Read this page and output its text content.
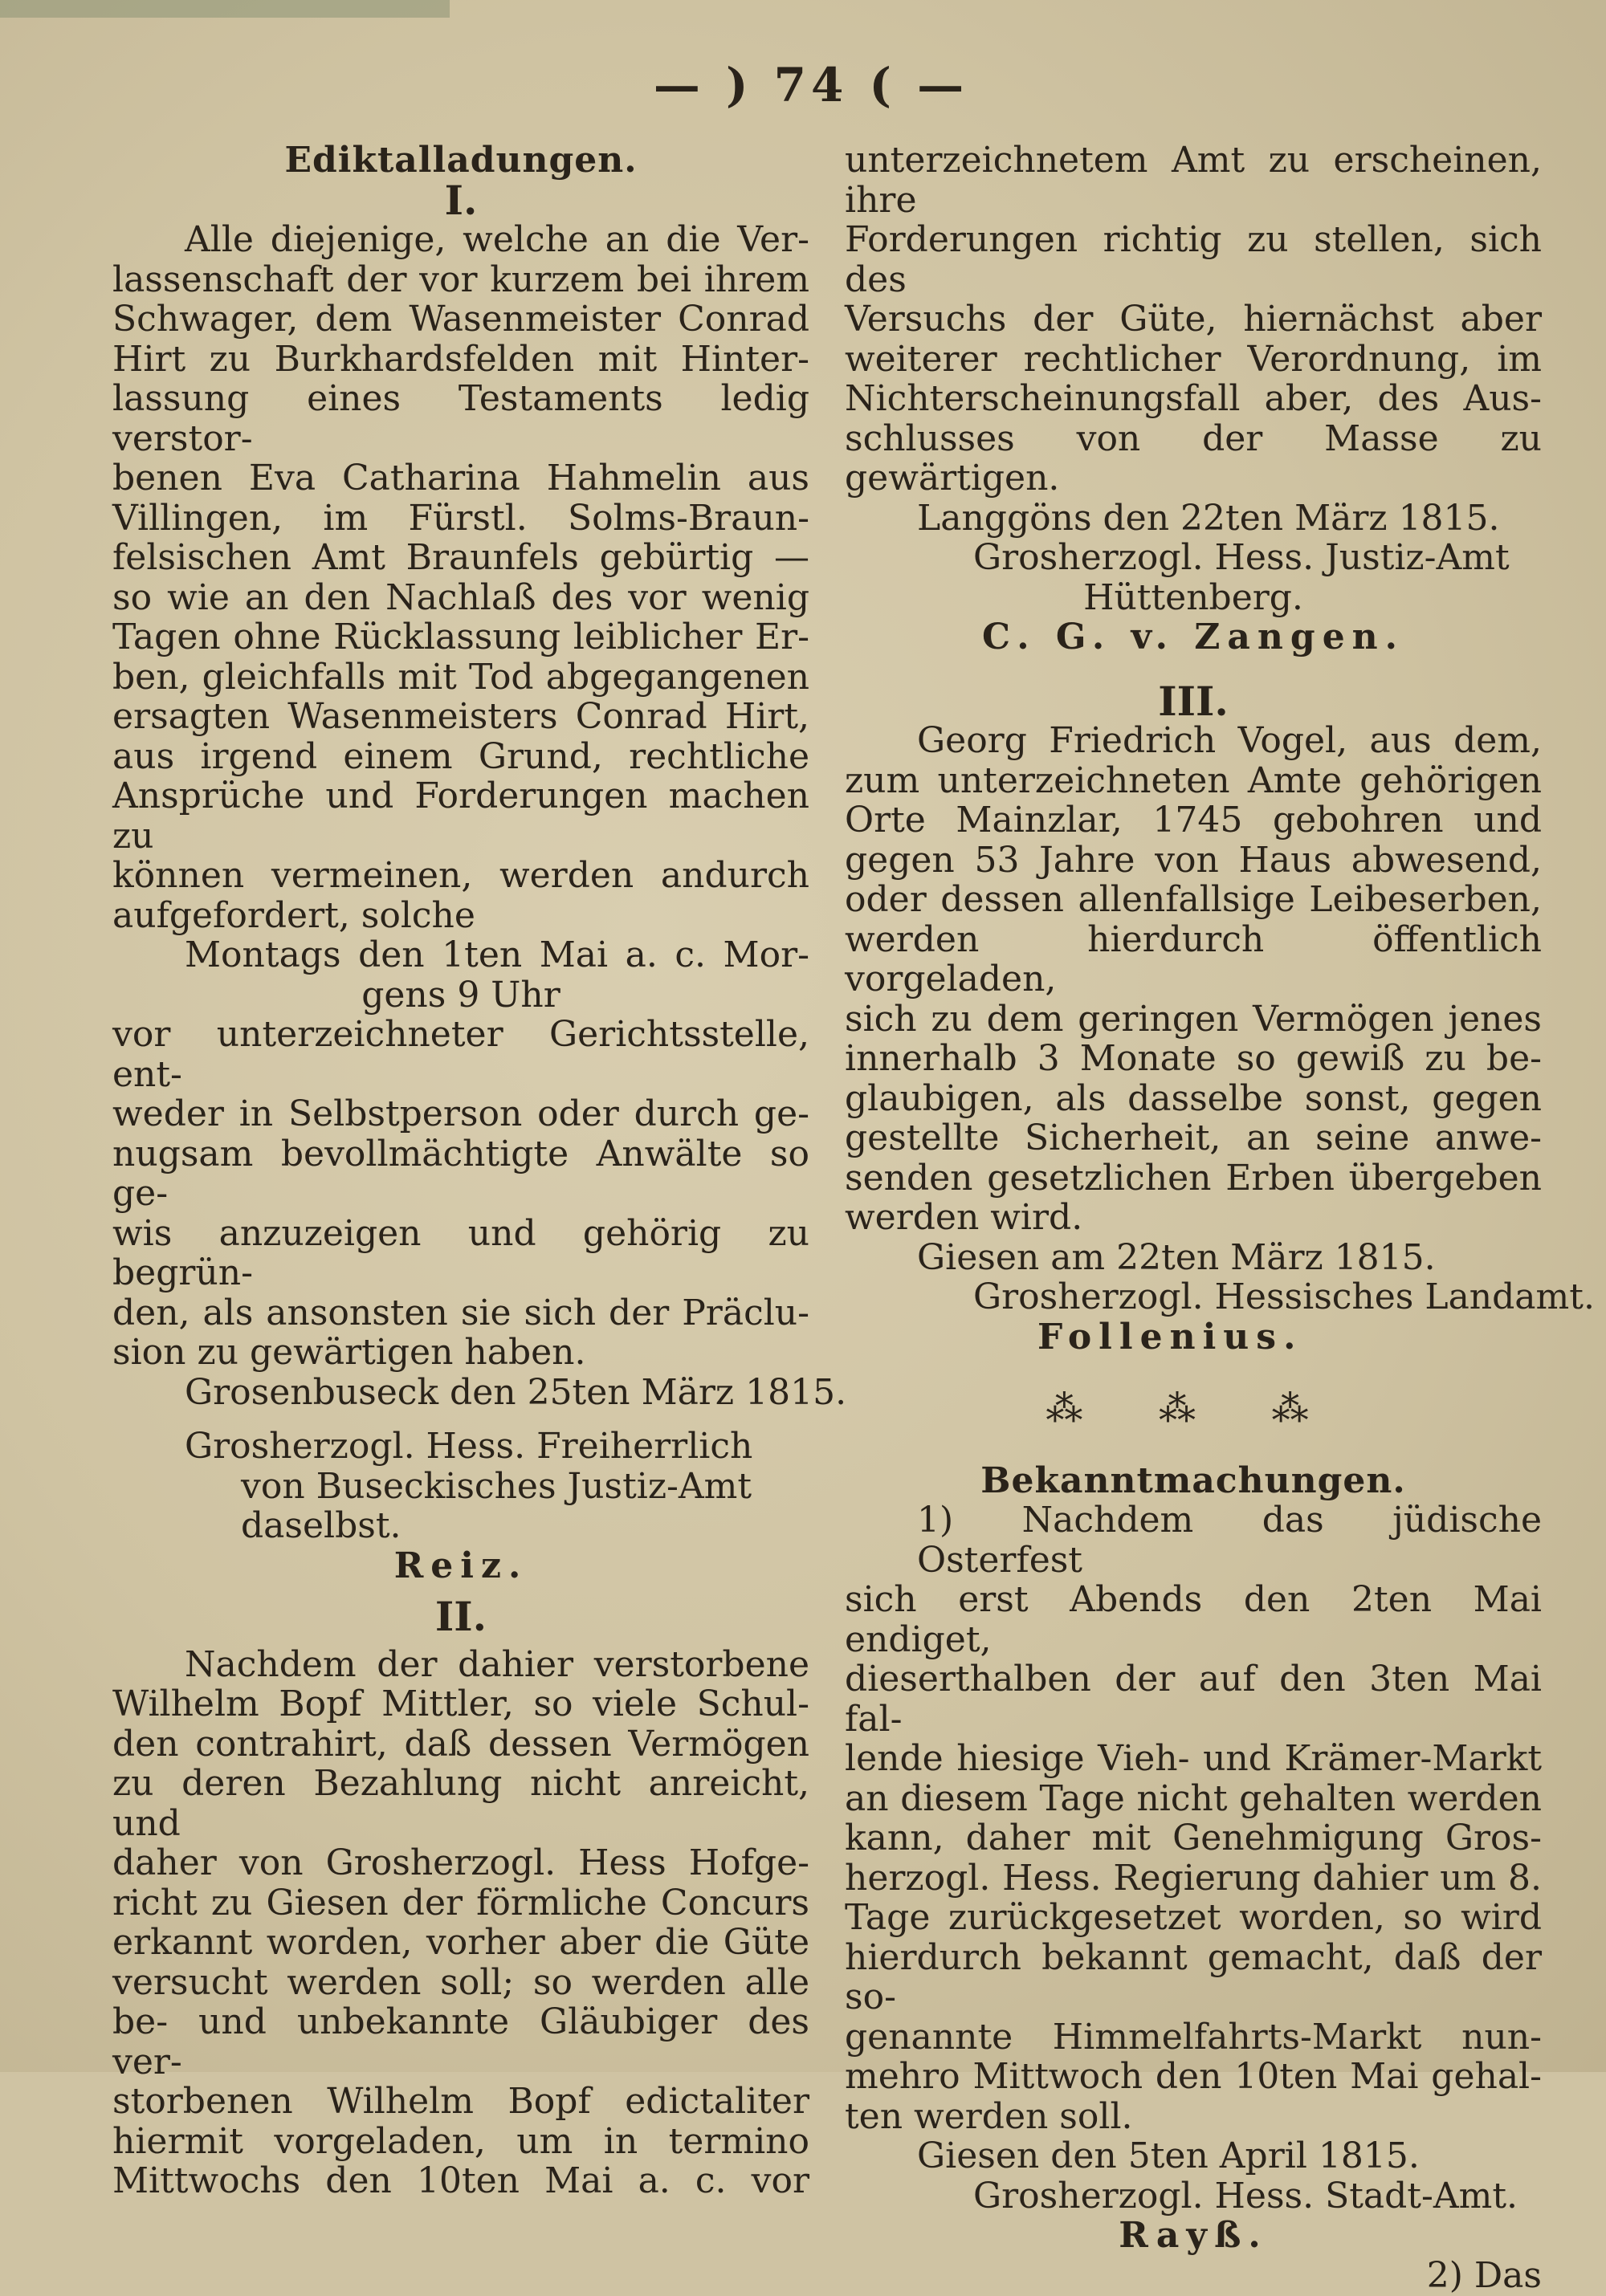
— ) 74 ( —
Ediktalladungen.
I.
Alle diejenige, welche an die Ver-
lassenschaft der vor kurzem bei ihrem
Schwager, dem Wasenmeister Conrad
Hirt zu Burkhardsfelden mit Hinter-
lassung eines Testaments ledig verstor-
benen Eva Catharina Hahmelin aus
Villingen, im Fürstl. Solms-Braun-
felsischen Amt Braunfels gebürtig —
so wie an den Nachlaß des vor wenig
Tagen ohne Rücklassung leiblicher Er-
ben, gleichfalls mit Tod abgegangenen
ersagten Wasenmeisters Conrad Hirt,
aus irgend einem Grund, rechtliche
Ansprüche und Forderungen machen zu
können vermeinen, werden andurch
aufgefordert, solche
Montags den 1ten Mai a. c. Mor-
gens 9 Uhr
vor unterzeichneter Gerichtsstelle, ent-
weder in Selbstperson oder durch ge-
nugsam bevollmächtigte Anwälte so ge-
wis anzuzeigen und gehörig zu begrün-
den, als ansonsten sie sich der Präclu-
sion zu gewärtigen haben.
Grosenbuseck den 25ten März 1815.
Grosherzogl. Hess. Freiherrlich
von Buseckisches Justiz-Amt
daselbst.
Reiz.
II.
Nachdem der dahier verstorbene
Wilhelm Bopf Mittler, so viele Schul-
den contrahirt, daß dessen Vermögen
zu deren Bezahlung nicht anreicht, und
daher von Grosherzogl. Hess Hofge-
richt zu Giesen der förmliche Concurs
erkannt worden, vorher aber die Güte
versucht werden soll; so werden alle
be- und unbekannte Gläubiger des ver-
storbenen Wilhelm Bopf edictaliter
hiermit vorgeladen, um in termino
Mittwochs den 10ten Mai a. c. vor
unterzeichnetem Amt zu erscheinen, ihre
Forderungen richtig zu stellen, sich des
Versuchs der Güte, hiernächst aber
weiterer rechtlicher Verordnung, im
Nichterscheinungsfall aber, des Aus-
schlusses von der Masse zu gewärtigen.
Langgöns den 22ten März 1815.
Grosherzogl. Hess. Justiz-Amt
Hüttenberg.
C. G. v. Zangen.
III.
Georg Friedrich Vogel, aus dem,
zum unterzeichneten Amte gehörigen
Orte Mainzlar, 1745 gebohren und
gegen 53 Jahre von Haus abwesend,
oder dessen allenfallsige Leibeserben,
werden hierdurch öffentlich vorgeladen,
sich zu dem geringen Vermögen jenes
innerhalb 3 Monate so gewiß zu be-
glaubigen, als dasselbe sonst, gegen
gestellte Sicherheit, an seine anwe-
senden gesetzlichen Erben übergeben
werden wird.
Giesen am 22ten März 1815.
Grosherzogl. Hessisches Landamt.
Follenius.
⁂ ⁂ ⁂
Bekanntmachungen.
1) Nachdem das jüdische Osterfest
sich erst Abends den 2ten Mai endiget,
dieserthalben der auf den 3ten Mai fal-
lende hiesige Vieh- und Krämer-Markt
an diesem Tage nicht gehalten werden
kann, daher mit Genehmigung Gros-
herzogl. Hess. Regierung dahier um 8.
Tage zurückgesetzet worden, so wird
hierdurch bekannt gemacht, daß der so-
genannte Himmelfahrts-Markt nun-
mehro Mittwoch den 10ten Mai gehal-
ten werden soll.
Giesen den 5ten April 1815.
Grosherzogl. Hess. Stadt-Amt.
Rayß.
2) Das
